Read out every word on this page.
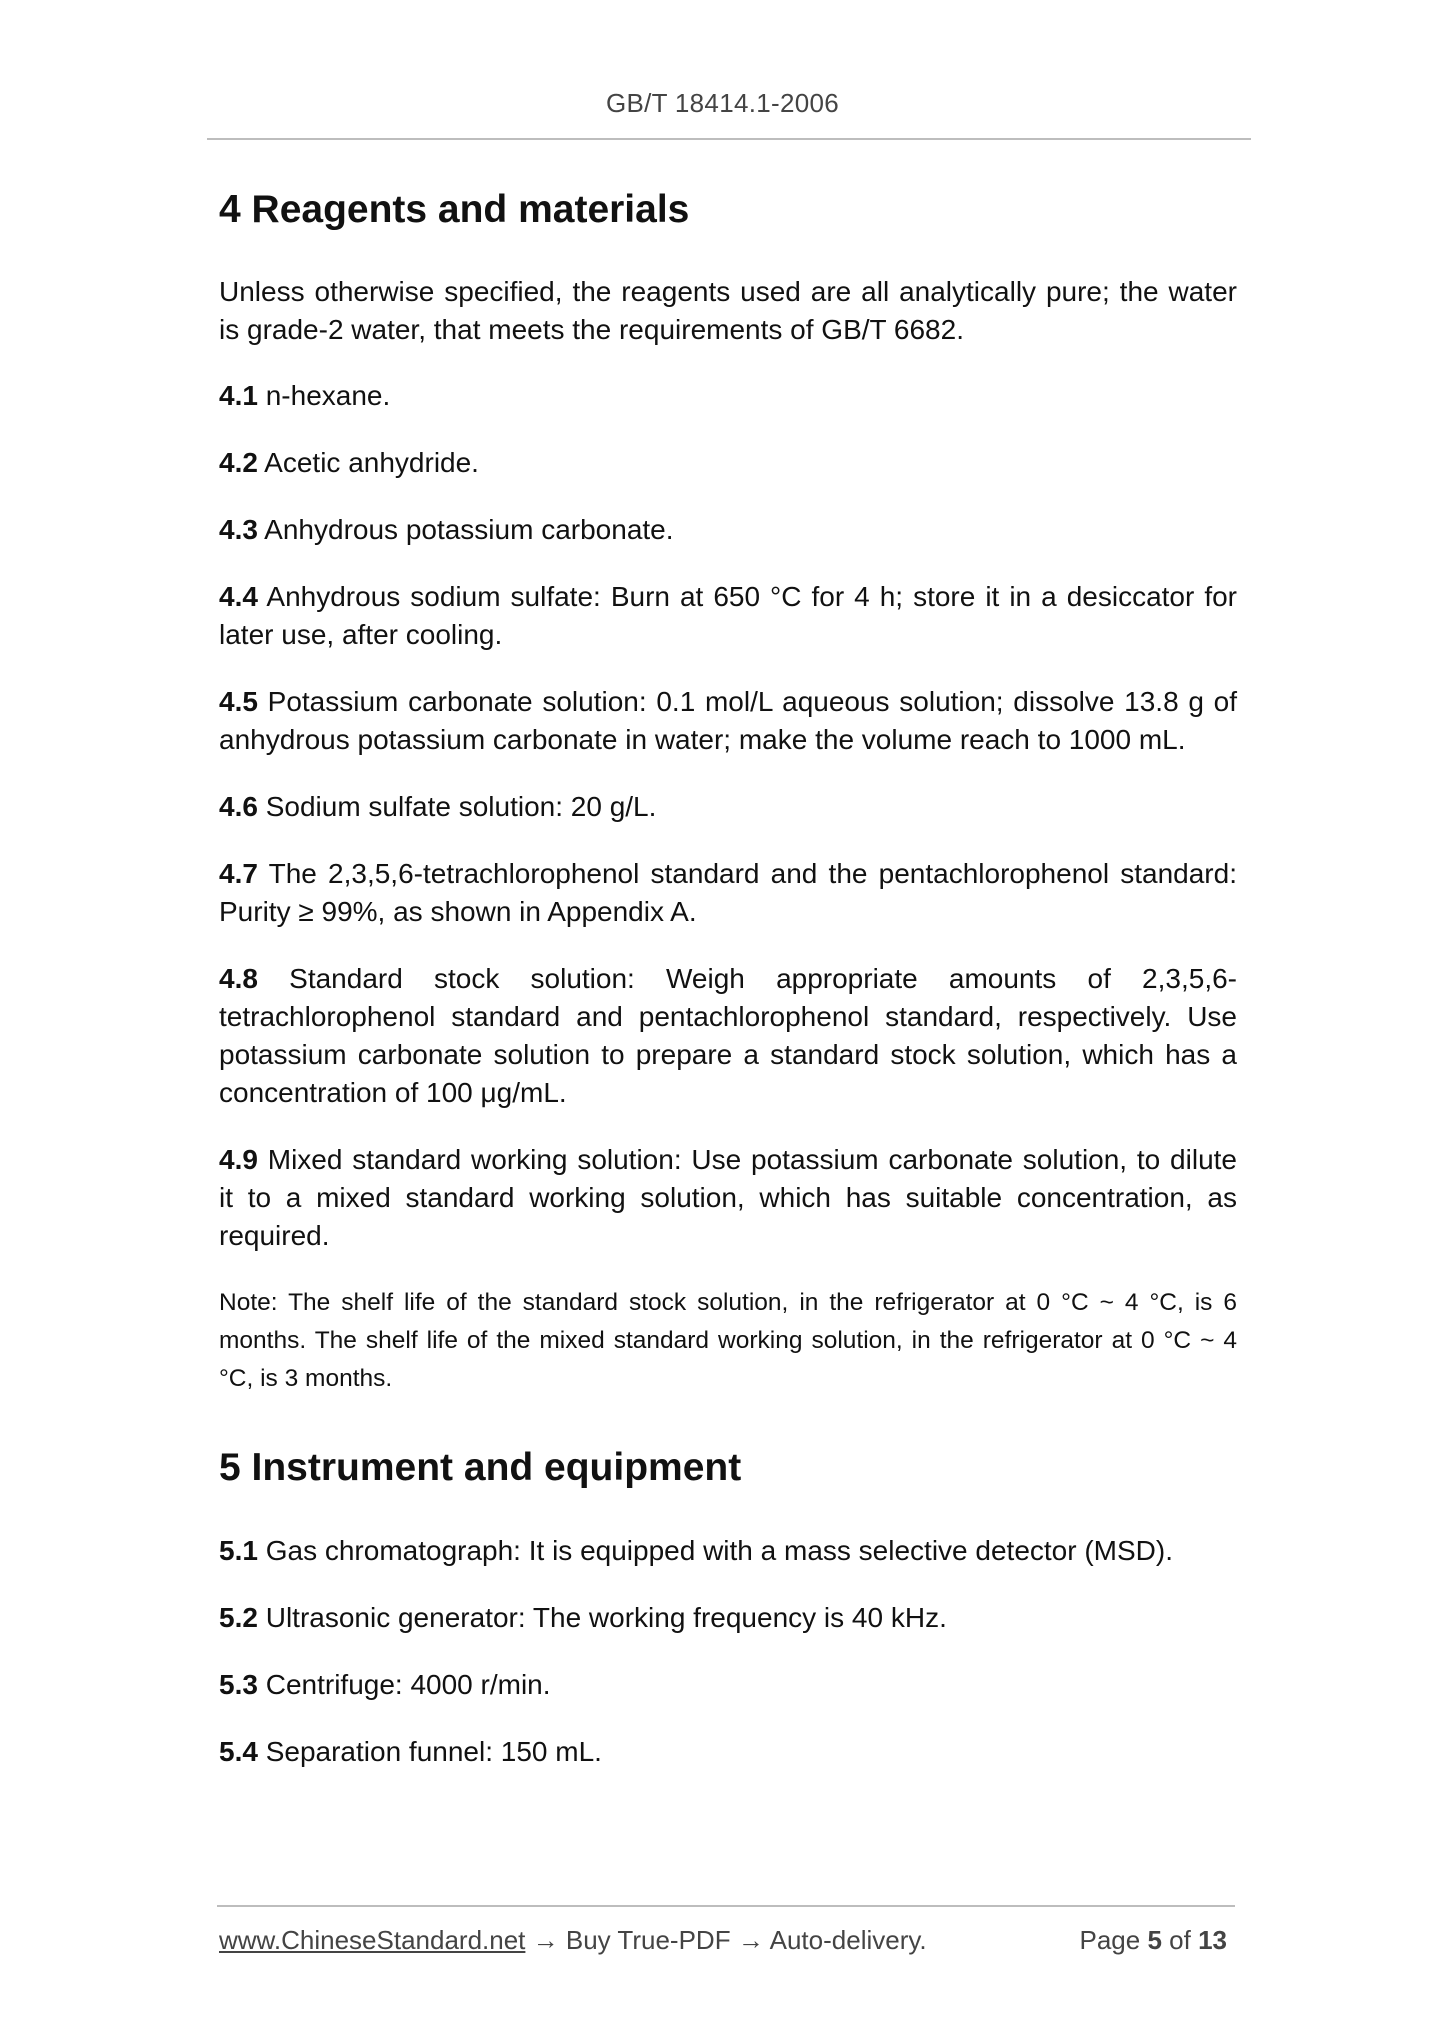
GB/T 18414.1-2006
4 Reagents and materials

Unless otherwise specified, the reagents used are all analytically pure; the water is grade-2 water, that meets the requirements of GB/T 6682.

4.1 n-hexane.

4.2 Acetic anhydride.

4.3 Anhydrous potassium carbonate.

4.4 Anhydrous sodium sulfate: Burn at 650 °C for 4 h; store it in a desiccator for later use, after cooling.

4.5 Potassium carbonate solution: 0.1 mol/L aqueous solution; dissolve 13.8 g of anhydrous potassium carbonate in water; make the volume reach to 1000 mL.

4.6 Sodium sulfate solution: 20 g/L.

4.7 The 2,3,5,6-tetrachlorophenol standard and the pentachlorophenol standard: Purity ≥ 99%, as shown in Appendix A.

4.8 Standard stock solution: Weigh appropriate amounts of 2,3,5,6-tetrachlorophenol standard and pentachlorophenol standard, respectively. Use potassium carbonate solution to prepare a standard stock solution, which has a concentration of 100 μg/mL.

4.9 Mixed standard working solution: Use potassium carbonate solution, to dilute it to a mixed standard working solution, which has suitable concentration, as required.

Note: The shelf life of the standard stock solution, in the refrigerator at 0 °C ~ 4 °C, is 6 months. The shelf life of the mixed standard working solution, in the refrigerator at 0 °C ~ 4 °C, is 3 months.

5 Instrument and equipment

5.1 Gas chromatograph: It is equipped with a mass selective detector (MSD).

5.2 Ultrasonic generator: The working frequency is 40 kHz.

5.3 Centrifuge: 4000 r/min.

5.4 Separation funnel: 150 mL.

www.ChineseStandard.net → Buy True-PDF → Auto-delivery.	Page 5 of 13
